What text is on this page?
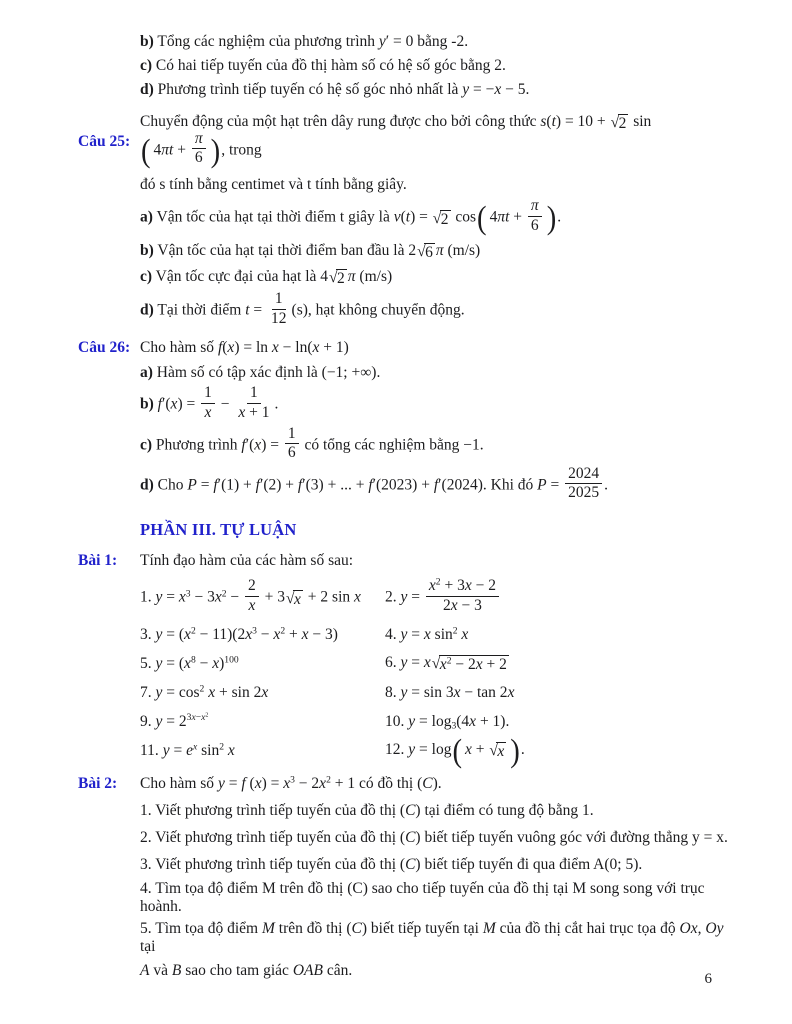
b) Tổng các nghiệm của phương trình y′ = 0 bằng -2.
c) Có hai tiếp tuyến của đồ thị hàm số có hệ số góc bằng 2.
d) Phương trình tiếp tuyến có hệ số góc nhỏ nhất là y = −x − 5.
Câu 25:
Chuyển động của một hạt trên dây rung được cho bởi công thức s(t) = 10 + √ 2 sin
( $4\pi t + \frac{\pi}{6}$ ) , trong
đó s tính bằng centimet và t tính bằng giây.
a) Vận tốc của hạt tại thời điểm t giây là v(t) = √ 2 cos ( $4\pi t + \frac{\pi}{6}$ ) .
b) Vận tốc của hạt tại thời điểm ban đầu là 2 √ 6 π (m/s)
c) Vận tốc cực đại của hạt là 4 √ 2 π (m/s)
d) Tại thời điểm $t = \frac{1}{12} (s)$, hạt không chuyển động.
Câu 26: Cho hàm số f(x) = ln x − ln(x + 1)
a) Hàm số có tập xác định là (−1; +∞).
b) $f'(x) = \frac{1}{x} - \frac{1}{x + 1}$ .
c) Phương trình $f'(x) = \frac{1}{6}$ có tổng các nghiệm bằng −1.
d) Cho P = f′(1) + f′(2) + f′(3) + ... + f′(2023) + f′(2024). Khi đó $P = \frac{2024}{2025}$ .
PHẦN III. TỰ LUẬN
Bài 1:	Tính đạo hàm của các hàm số sau:
1. $y = x^3 - 3x^2 - \frac{2}{x} + 3$ √ x + 2 sin x	2. $y = \frac{x^2 + 3x - 2}{2x - 3}$
3. $y = (x^2 - 11)(2x^3 - x^2 + x - 3)$	4. y = x $\sin^2 x$
5. $y = (x^8 - x)^{100}$	6. y = x √ $x^2 - 2x + 2$
7. $y = \cos^2 x + \sin 2x$	8. y = sin 3x − tan 2x
9. $y = 2^{3x-x^2}$	10. y = log3(4x + 1).
11. $y = e^x$ $\sin^2 x$	12. y = log ( x + √ x ) .
Bài 2:	Cho hàm số y = f $(x) = x^3 - 2x^2 + 1$ có đồ thị (C).
1. Viết phương trình tiếp tuyến của đồ thị (C) tại điểm có tung độ bằng 1.
2. Viết phương trình tiếp tuyến của đồ thị (C) biết tiếp tuyến vuông góc với đường thẳng y = x.
3. Viết phương trình tiếp tuyến của đồ thị (C) biết tiếp tuyến đi qua điểm A(0; 5).
4. Tìm tọa độ điểm M trên đồ thị (C) sao cho tiếp tuyến của đồ thị tại M song song với trục hoành.
5. Tìm tọa độ điểm M trên đồ thị (C) biết tiếp tuyến tại M của đồ thị cắt hai trục tọa độ Ox, Oy tại
A và B sao cho tam giác OAB cân.
6
